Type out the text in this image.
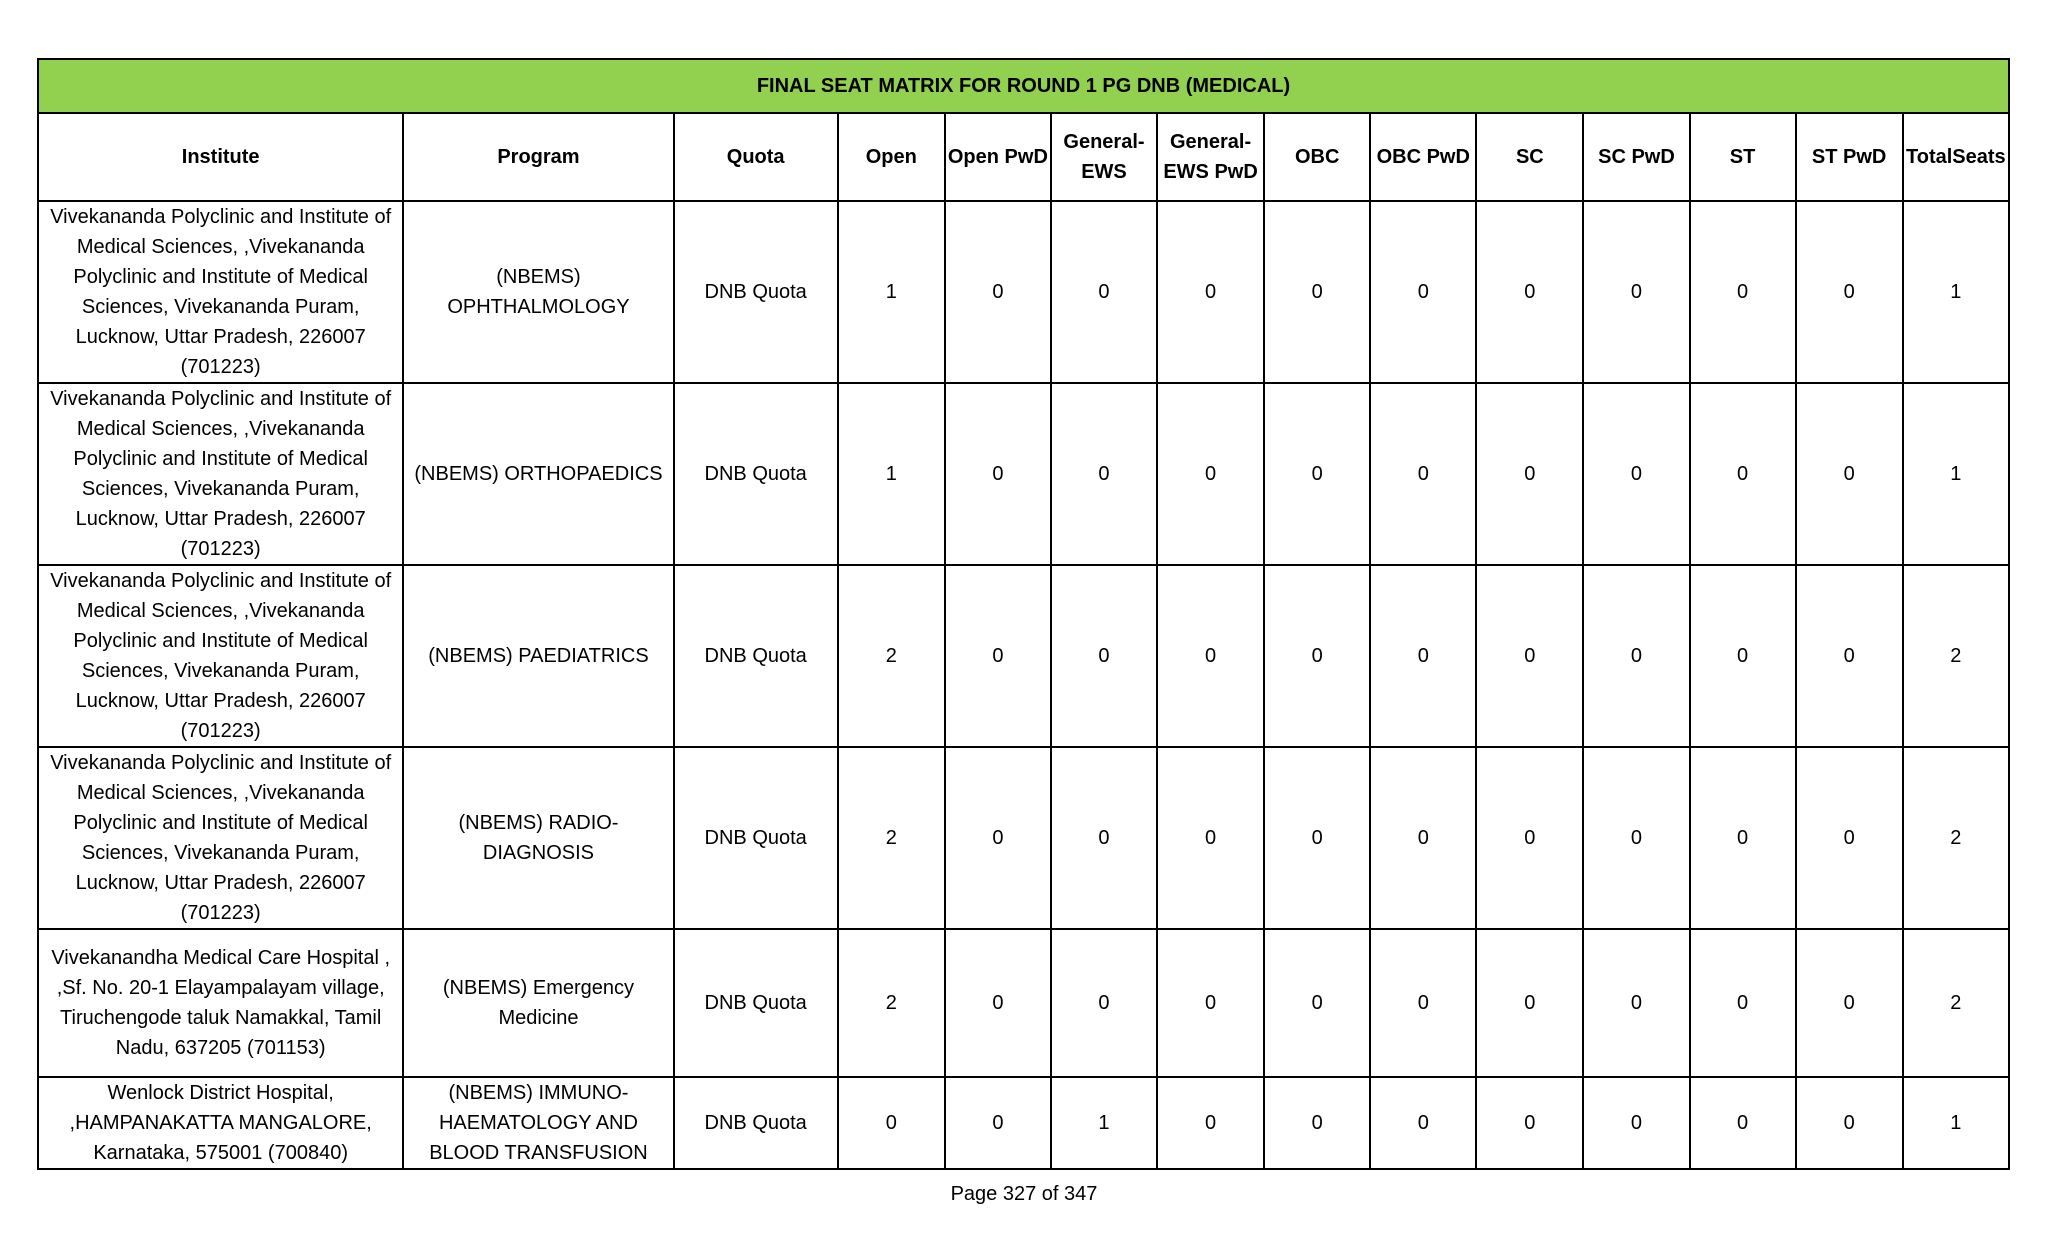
FINAL SEAT MATRIX FOR ROUND 1 PG DNB (MEDICAL)													
Institute	Program	Quota	Open	Open PwD	General-EWS	General-EWS PwD	OBC	OBC PwD	SC	SC PwD	ST	ST PwD	TotalSeats
Vivekananda Polyclinic and Institute of Medical Sciences, ,Vivekananda Polyclinic and Institute of Medical Sciences, Vivekananda Puram, Lucknow, Uttar Pradesh, 226007 (701223)	(NBEMS) OPHTHALMOLOGY	DNB Quota	1	0	0	0	0	0	0	0	0	0	1
Vivekananda Polyclinic and Institute of Medical Sciences, ,Vivekananda Polyclinic and Institute of Medical Sciences, Vivekananda Puram, Lucknow, Uttar Pradesh, 226007 (701223)	(NBEMS) ORTHOPAEDICS	DNB Quota	1	0	0	0	0	0	0	0	0	0	1
Vivekananda Polyclinic and Institute of Medical Sciences, ,Vivekananda Polyclinic and Institute of Medical Sciences, Vivekananda Puram, Lucknow, Uttar Pradesh, 226007 (701223)	(NBEMS) PAEDIATRICS	DNB Quota	2	0	0	0	0	0	0	0	0	0	2
Vivekananda Polyclinic and Institute of Medical Sciences, ,Vivekananda Polyclinic and Institute of Medical Sciences, Vivekananda Puram, Lucknow, Uttar Pradesh, 226007 (701223)	(NBEMS) RADIO-DIAGNOSIS	DNB Quota	2	0	0	0	0	0	0	0	0	0	2
Vivekanandha Medical Care Hospital , ,Sf. No. 20-1 Elayampalayam village, Tiruchengode taluk Namakkal, Tamil Nadu, 637205 (701153)	(NBEMS) Emergency Medicine	DNB Quota	2	0	0	0	0	0	0	0	0	0	2
Wenlock District Hospital, ,HAMPANAKATTA MANGALORE, Karnataka, 575001 (700840)	(NBEMS) IMMUNO-HAEMATOLOGY AND BLOOD TRANSFUSION	DNB Quota	0	0	1	0	0	0	0	0	0	0	1
Page 327 of 347
